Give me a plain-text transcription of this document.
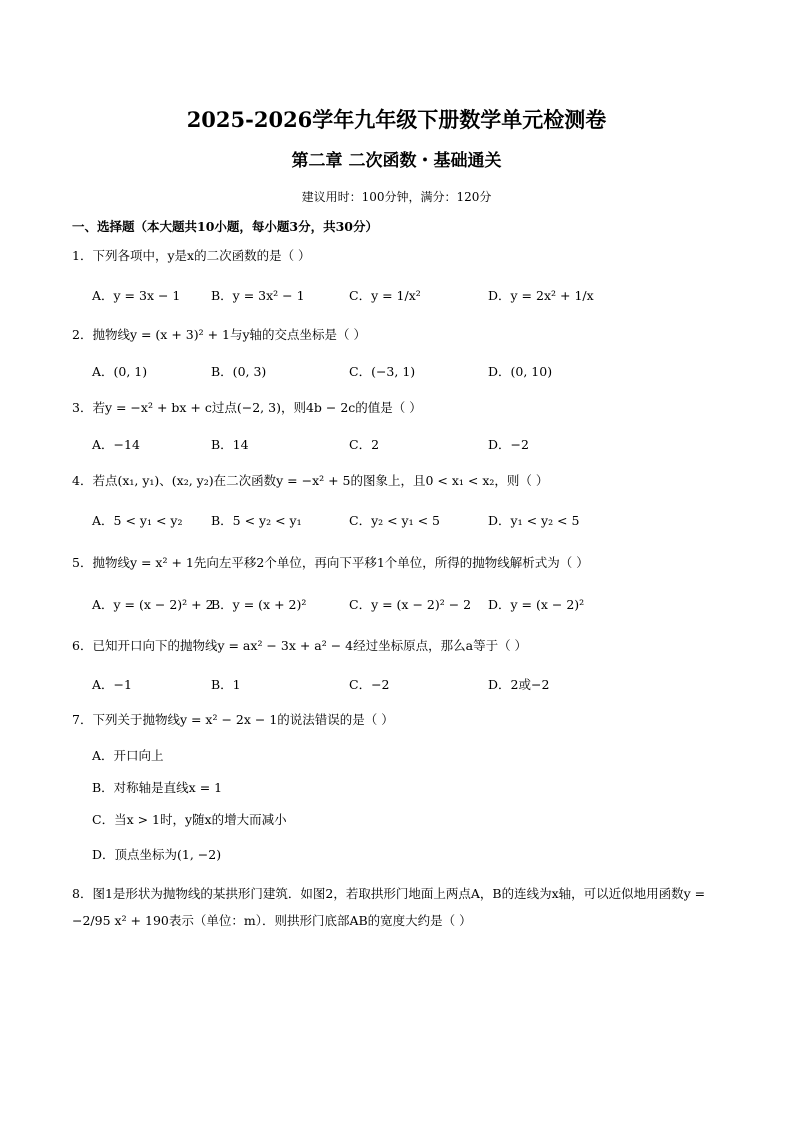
2025-2026学年九年级下册数学单元检测卷
第二章 二次函数・基础通关
建议用时：100分钟，满分：120分
一、选择题（本大题共10小题，每小题3分，共30分）
1．下列各项中，y是x的二次函数的是（ ）
A．y = 3x − 1 B．y = 3x² − 1	C．y = 1/x²	D．y = 2x² + 1/x
2．抛物线y = (x + 3)² + 1与y轴的交点坐标是（ ）
A．(0, 1)	B．(0, 3)	C．(−3, 1)	D．(0, 10)
3．若y = −x² + bx + c过点(−2, 3)，则4b − 2c的值是（ ）
A．−14	B．14	C．2	D．−2
4．若点(x₁, y₁)、(x₂, y₂)在二次函数y = −x² + 5的图象上，且0 < x₁ < x₂，则（ ）
A．5 < y₁ < y₂ B．5 < y₂ < y₁	C．y₂ < y₁ < 5	D．y₁ < y₂ < 5
5．抛物线y = x² + 1先向左平移2个单位，再向下平移1个单位，所得的抛物线解析式为（ ）
A．y = (x − 2)² + 2
B．y = (x + 2)²	C．y = (x − 2)² − 2 D．y = (x − 2)²
6．已知开口向下的抛物线y = ax² − 3x + a² − 4经过坐标原点，那么a等于（ ）
A．−1	B．1	C．−2	D．2或−2
7．下列关于抛物线y = x² − 2x − 1的说法错误的是（ ）
A．开口向上
B．对称轴是直线x = 1
C．当x > 1时，y随x的增大而减小
D．顶点坐标为(1, −2)
8．图1是形状为抛物线的某拱形门建筑．如图2，若取拱形门地面上两点A，B的连线为x轴，可以近似地用函数y = −2/95 x² + 190表示（单位：m）．则拱形门底部AB的宽度大约是（ ）
